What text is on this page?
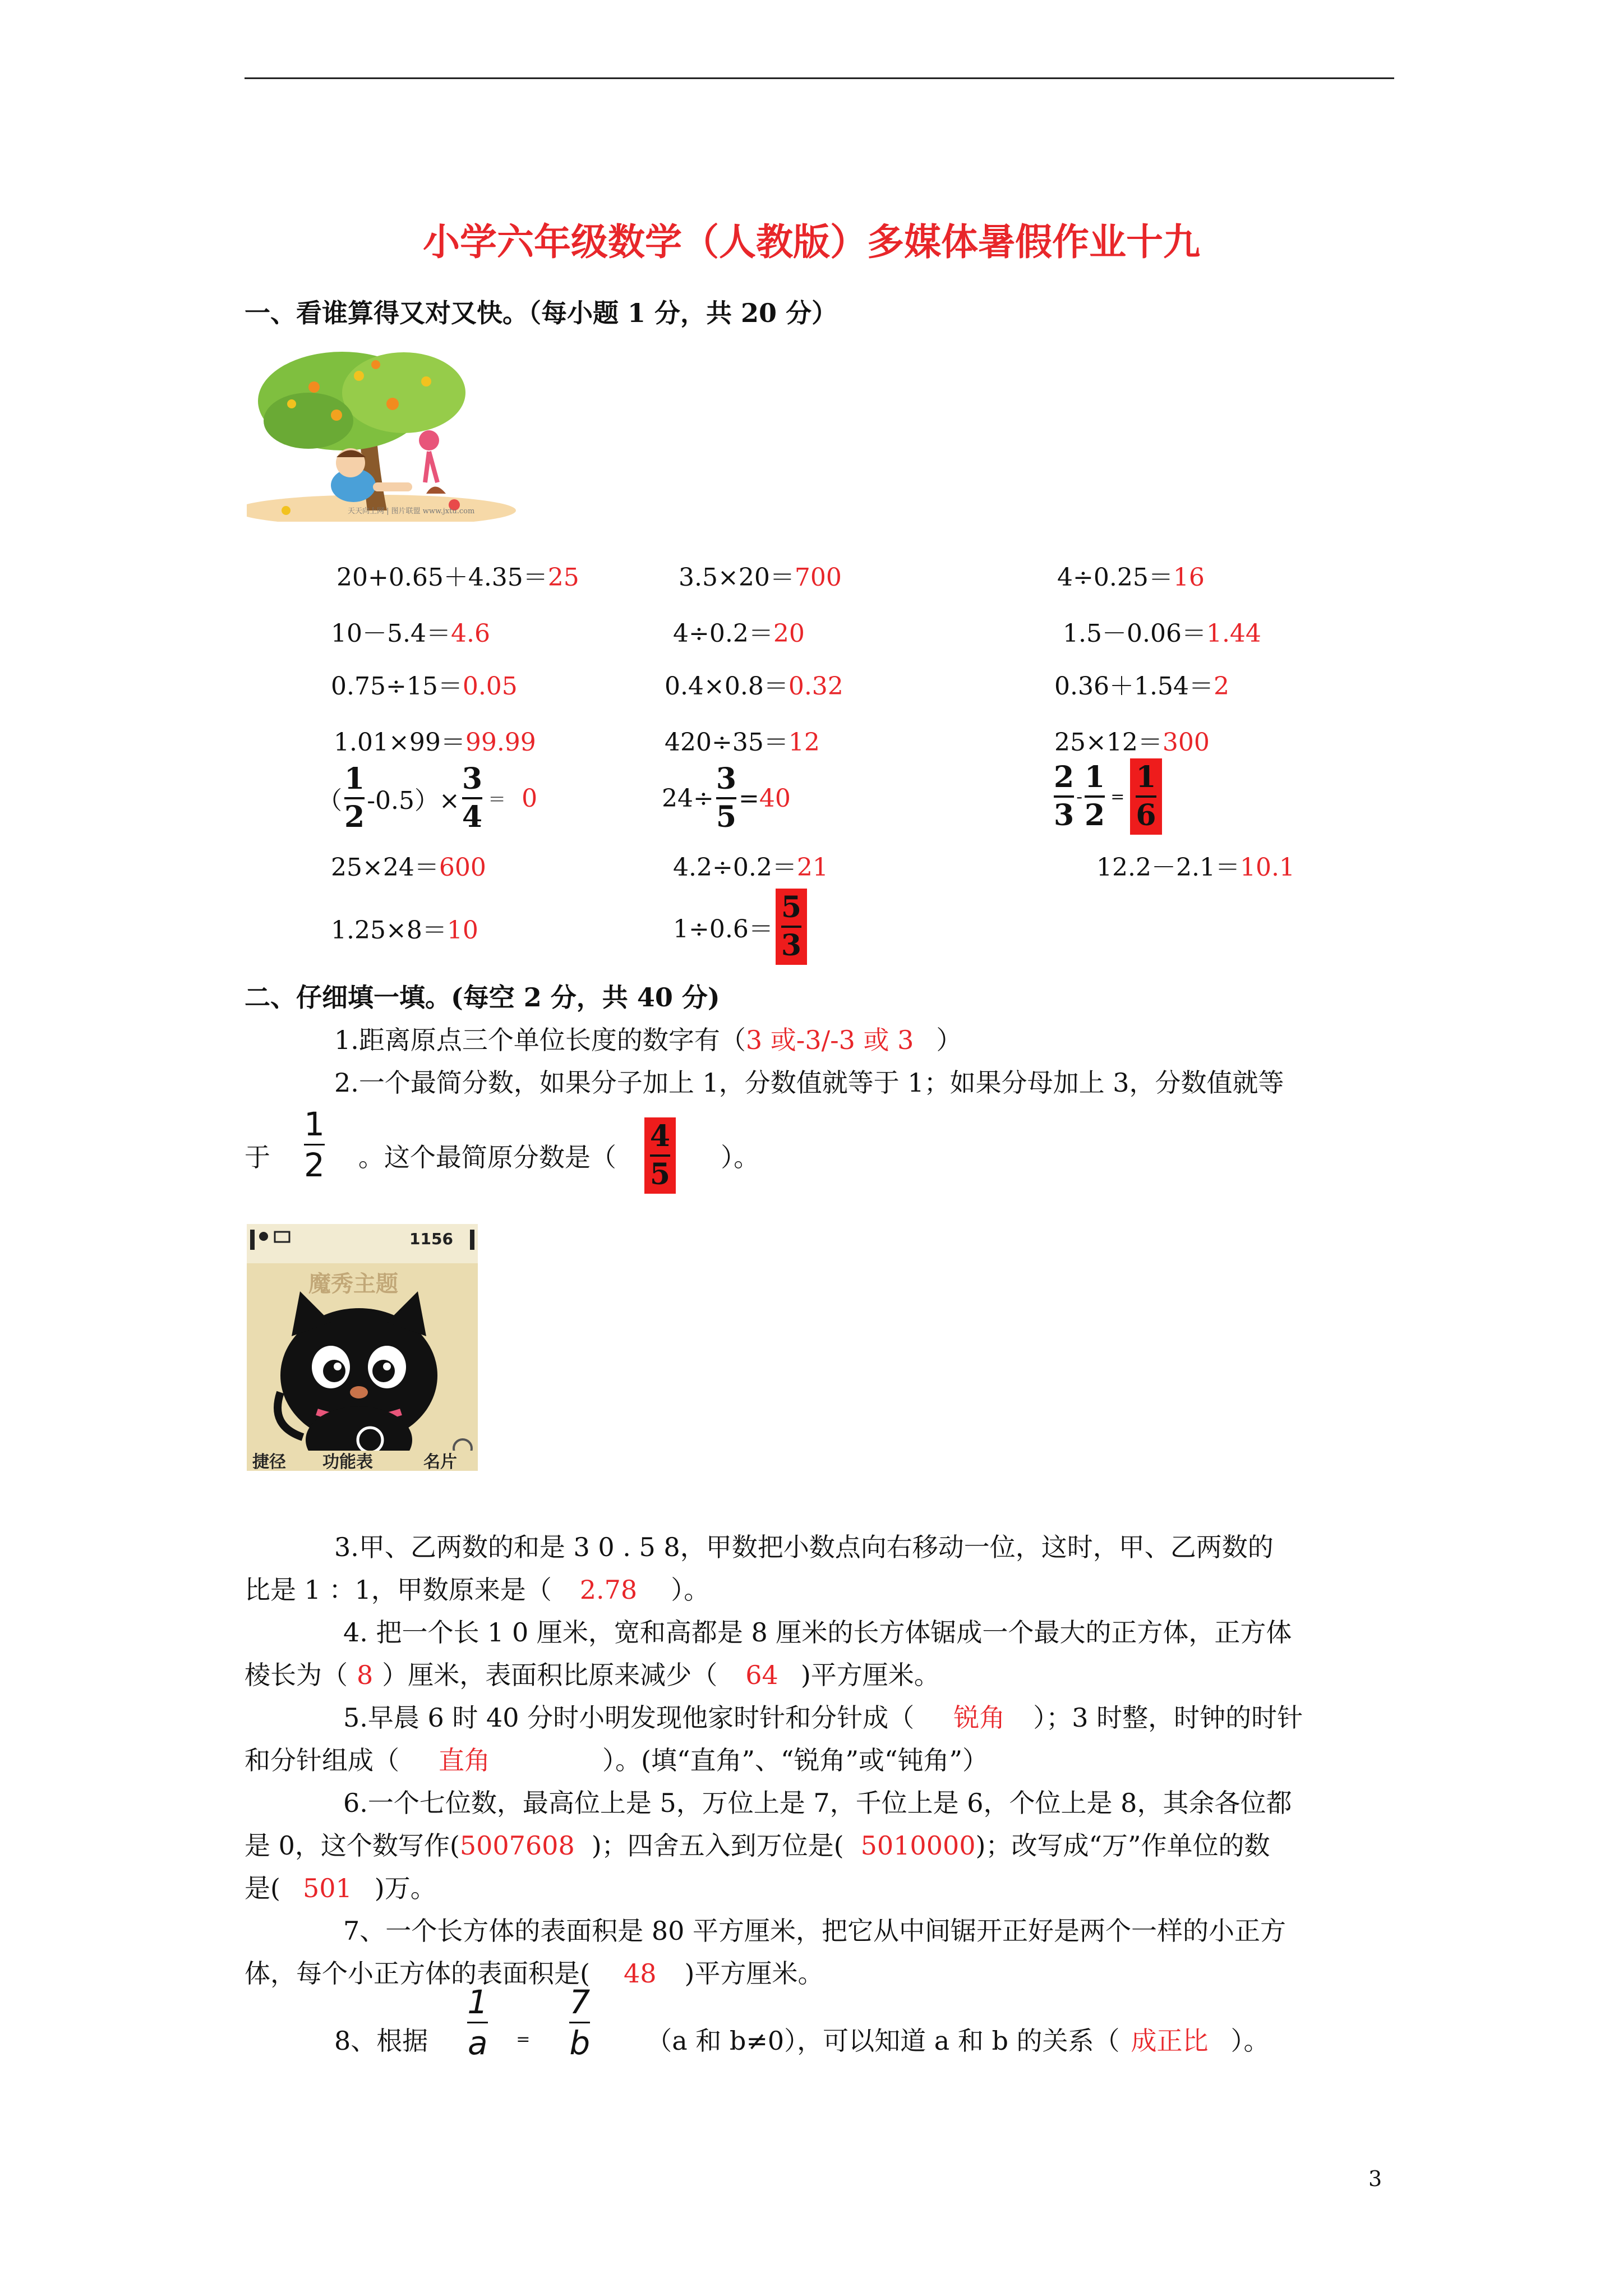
小学六年级数学（人教版）多媒体暑假作业十九
一、看谁算得又对又快。（每小题 1 分，共 20 分）
天天向上网 | 图片联盟 www.jxtu.com
20+0.65＋4.35＝25	3.5×20＝700	4÷0.25＝16
10－5.4＝4.6	4÷0.2＝20	1.5－0.06＝1.44
0.75÷15＝0.05	0.4×0.8＝0.32	0.36＋1.54＝2
1.01×99＝99.99	420÷35＝12	25×12＝300
（ $\frac{1}{2} -0.5)\times \frac{3}{4} = 0$	$24\div \frac{3}{5} = 40$	$\frac{2}{3} - \frac{1}{2} = \frac{1}{6}$
25×24＝600	4.2÷0.2＝21	12.2－2.1＝10.1
1.25×8＝10	$1\div 0.6= \frac{5}{3}$
二、仔细填一填。(每空 2 分，共 40 分)
1.距离原点三个单位长度的数字有（3 或-3/-3 或 3 ）
2.一个最简分数，如果分子加上 1，分数值就等于 1；如果分母加上 3，分数值就等
于 $\frac{1}{2}$ 。这个最简原分数是（ $\frac{4}{5}$ ）。
1156
魔秀主题
捷径 功能表	名片
3.甲、乙两数的和是 3 0 . 5 8，甲数把小数点向右移动一位，这时，甲、乙两数的
比是 1 ：1，甲数原来是（ 2.78 ）。
4. 把一个长 1 0 厘米，宽和高都是 8 厘米的长方体锯成一个最大的正方体，正方体
棱长为（ 8 ）厘米，表面积比原来减少（ 64 )平方厘米。
5.早晨 6 时 40 分时小明发现他家时针和分针成（ 锐角 ）；3 时整，时钟的时针
和分针组成（ 直角	）。(填“直角”、“锐角”或“钝角”）
6.一个七位数，最高位上是 5，万位上是 7，千位上是 6，个位上是 8，其余各位都
是 0，这个数写作(5007608 )；四舍五入到万位是( 5010000)；改写成“万”作单位的数
是( 501 )万。
7、一个长方体的表面积是 80 平方厘米，把它从中间锯开正好是两个一样的小正方
体，每个小正方体的表面积是( 48 )平方厘米。
8、根据 $\frac{1}{a} = \frac{7}{b} (a$ 和 b≠0），可以知道 a 和 b 的关系（ 成正比 ）。
3
